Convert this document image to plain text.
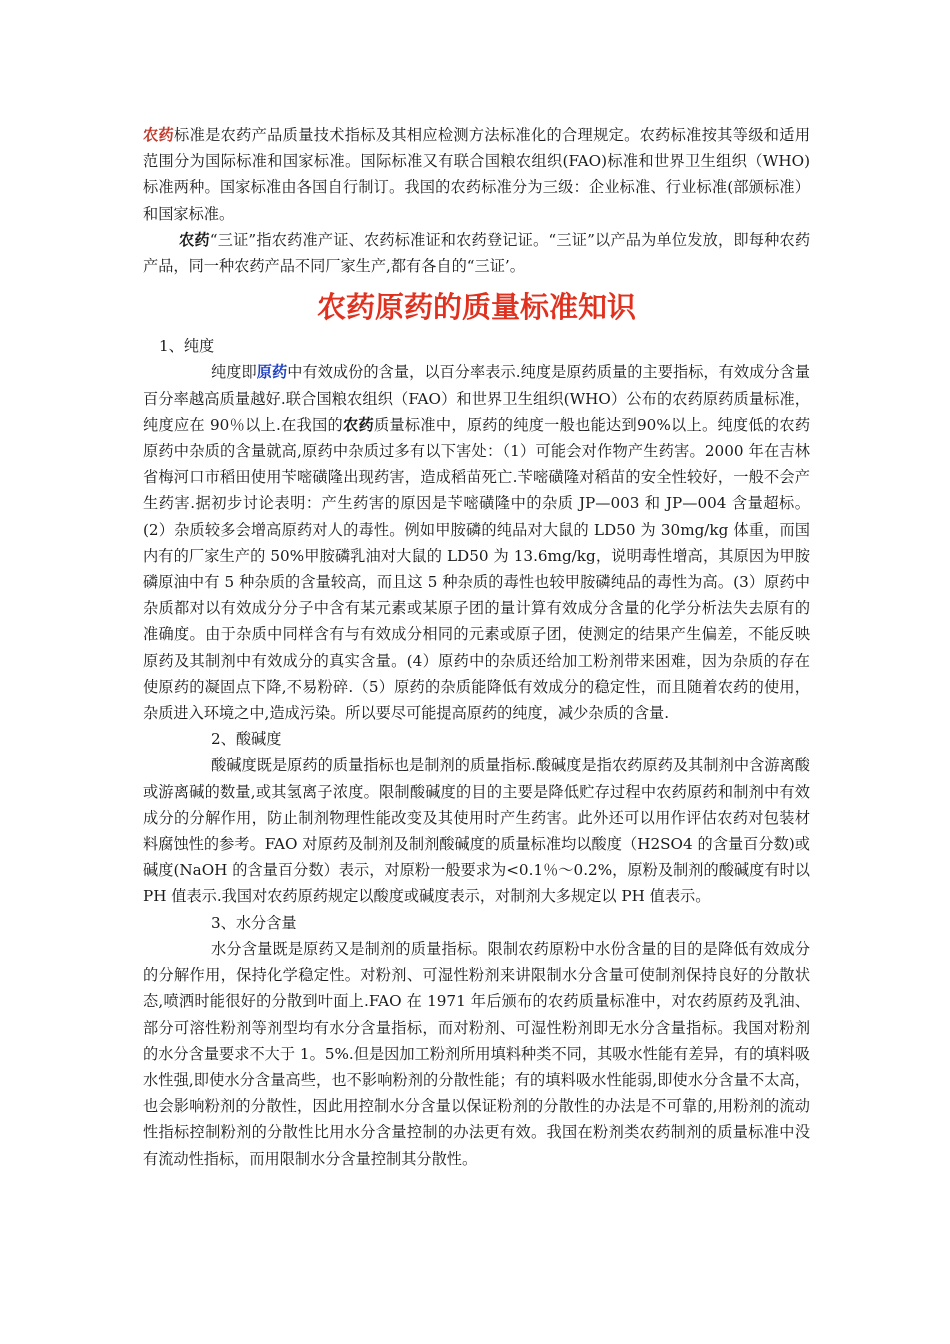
农药标准是农药产品质量技术指标及其相应检测方法标准化的合理规定。农药标准按其等级和适用范围分为国际标准和国家标准。国际标准又有联合国粮农组织(FAO)标准和世界卫生组织（WHO)标准两种。国家标准由各国自行制订。我国的农药标准分为三级：企业标准、行业标准(部颁标准）和国家标准。

农药“三证”指农药准产证、农药标准证和农药登记证。“三证”以产品为单位发放，即每种农药产品，同一种农药产品不同厂家生产,都有各自的“三证’。

农药原药的质量标准知识

1、纯度

纯度即原药中有效成份的含量，以百分率表示.纯度是原药质量的主要指标，有效成分含量百分率越高质量越好.联合国粮农组织（FAO）和世界卫生组织(WHO）公布的农药原药质量标准，纯度应在 90％以上.在我国的农药质量标准中，原药的纯度一般也能达到90%以上。纯度低的农药原药中杂质的含量就高,原药中杂质过多有以下害处：（1）可能会对作物产生药害。2000 年在吉林省梅河口市稻田使用苄嘧磺隆出现药害，造成稻苗死亡.苄嘧磺隆对稻苗的安全性较好，一般不会产生药害.据初步讨论表明：产生药害的原因是苄嘧磺隆中的杂质 JP—003 和 JP—004 含量超标。(2）杂质较多会增高原药对人的毒性。例如甲胺磷的纯品对大鼠的 LD50 为 30mg/kg 体重，而国内有的厂家生产的 50%甲胺磷乳油对大鼠的 LD50 为 13.6mg/kg，说明毒性增高，其原因为甲胺磷原油中有 5 种杂质的含量较高，而且这 5 种杂质的毒性也较甲胺磷纯品的毒性为高。(3）原药中杂质都对以有效成分分子中含有某元素或某原子团的量计算有效成分含量的化学分析法失去原有的准确度。由于杂质中同样含有与有效成分相同的元素或原子团，使测定的结果产生偏差，不能反映原药及其制剂中有效成分的真实含量。(4）原药中的杂质还给加工粉剂带来困难，因为杂质的存在使原药的凝固点下降,不易粉碎.（5）原药的杂质能降低有效成分的稳定性，而且随着农药的使用，杂质进入环境之中,造成污染。所以要尽可能提高原药的纯度，减少杂质的含量.

2、酸碱度

酸碱度既是原药的质量指标也是制剂的质量指标.酸碱度是指农药原药及其制剂中含游离酸或游离碱的数量,或其氢离子浓度。限制酸碱度的目的主要是降低贮存过程中农药原药和制剂中有效成分的分解作用，防止制剂物理性能改变及其使用时产生药害。此外还可以用作评估农药对包装材料腐蚀性的参考。FAO 对原药及制剂及制剂酸碱度的质量标准均以酸度（H2SO4 的含量百分数)或碱度(NaOH 的含量百分数）表示，对原粉一般要求为<0.1％～0.2%，原粉及制剂的酸碱度有时以 PH 值表示.我国对农药原药规定以酸度或碱度表示，对制剂大多规定以 PH 值表示。

3、水分含量

水分含量既是原药又是制剂的质量指标。限制农药原粉中水份含量的目的是降低有效成分的分解作用，保持化学稳定性。对粉剂、可湿性粉剂来讲限制水分含量可使制剂保持良好的分散状态,喷洒时能很好的分散到叶面上.FAO 在 1971 年后颁布的农药质量标准中，对农药原药及乳油、部分可溶性粉剂等剂型均有水分含量指标，而对粉剂、可湿性粉剂即无水分含量指标。我国对粉剂的水分含量要求不大于 1。5%.但是因加工粉剂所用填料种类不同，其吸水性能有差异，有的填料吸水性强,即使水分含量高些，也不影响粉剂的分散性能；有的填料吸水性能弱,即使水分含量不太高，也会影响粉剂的分散性，因此用控制水分含量以保证粉剂的分散性的办法是不可靠的,用粉剂的流动性指标控制粉剂的分散性比用水分含量控制的办法更有效。我国在粉剂类农药制剂的质量标准中没有流动性指标，而用限制水分含量控制其分散性。
